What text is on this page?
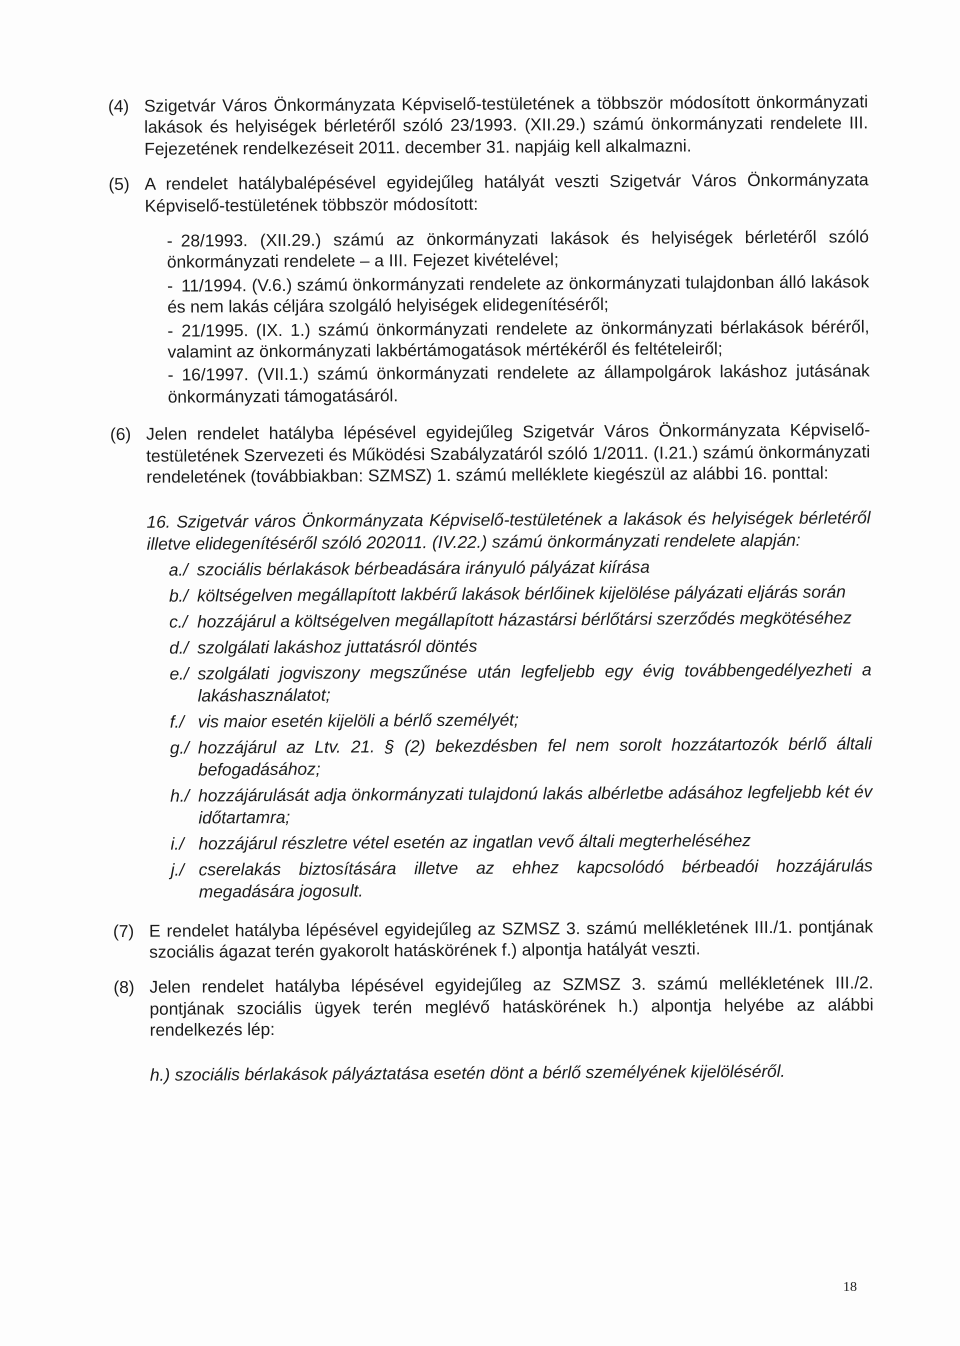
(4) Szigetvár Város Önkormányzata Képviselő-testületének a többször módosított önkormányzati lakások és helyiségek bérletéről szóló 23/1993. (XII.29.) számú önkormányzati rendelete III. Fejezetének rendelkezéseit 2011. december 31. napjáig kell alkalmazni.
(5) A rendelet hatálybalépésével egyidejűleg hatályát veszti Szigetvár Város Önkormányzata Képviselő-testületének többször módosított:
- 28/1993. (XII.29.) számú az önkormányzati lakások és helyiségek bérletéről szóló önkormányzati rendelete – a III. Fejezet kivételével;
- 11/1994. (V.6.) számú önkormányzati rendelete az önkormányzati tulajdonban álló lakások és nem lakás céljára szolgáló helyiségek elidegenítéséről;
- 21/1995. (IX. 1.) számú önkormányzati rendelete az önkormányzati bérlakások béréről, valamint az önkormányzati lakbértámogatások mértékéről és feltételeiről;
- 16/1997. (VII.1.) számú önkormányzati rendelete az állampolgárok lakáshoz jutásának önkormányzati támogatásáról.
(6) Jelen rendelet hatályba lépésével egyidejűleg Szigetvár Város Önkormányzata Képviselő-testületének Szervezeti és Működési Szabályzatáról szóló 1/2011. (I.21.) számú önkormányzati rendeletének (továbbiakban: SZMSZ) 1. számú melléklete kiegészül az alábbi 16. ponttal:

16. Szigetvár város Önkormányzata Képviselő-testületének a lakások és helyiségek bérletéről illetve elidegenítéséről szóló 202011. (IV.22.) számú önkormányzati rendelete alapján:

a./ szociális bérlakások bérbeadására irányuló pályázat kiírása
b./ költségelven megállapított lakbérű lakások bérlőinek kijelölése pályázati eljárás során
c./ hozzájárul a költségelven megállapított házastársi bérlőtársi szerződés megkötéséhez
d./ szolgálati lakáshoz juttatásról döntés
e./ szolgálati jogviszony megszűnése után legfeljebb egy évig továbbengedélyezheti a lakáshasználatot;
f./ vis maior esetén kijelöli a bérlő személyét;
g./ hozzájárul az Ltv. 21. § (2) bekezdésben fel nem sorolt hozzátartozók bérlő általi befogadásához;
h./ hozzájárulását adja önkormányzati tulajdonú lakás albérletbe adásához legfeljebb két év időtartamra;
i./ hozzájárul részletre vétel esetén az ingatlan vevő általi megterheléséhez
j./ cserelakás biztosítására illetve az ehhez kapcsolódó bérbeadói hozzájárulás megadására jogosult.
(7) E rendelet hatályba lépésével egyidejűleg az SZMSZ 3. számú mellékletének III./1. pontjának szociális ágazat terén gyakorolt hatáskörének f.) alpontja hatályát veszti.
(8) Jelen rendelet hatályba lépésével egyidejűleg az SZMSZ 3. számú mellékletének III./2. pontjának szociális ügyek terén meglévő hatáskörének h.) alpontja helyébe az alábbi rendelkezés lép:

h.) szociális bérlakások pályáztatása esetén dönt a bérlő személyének kijelöléséről.

18
